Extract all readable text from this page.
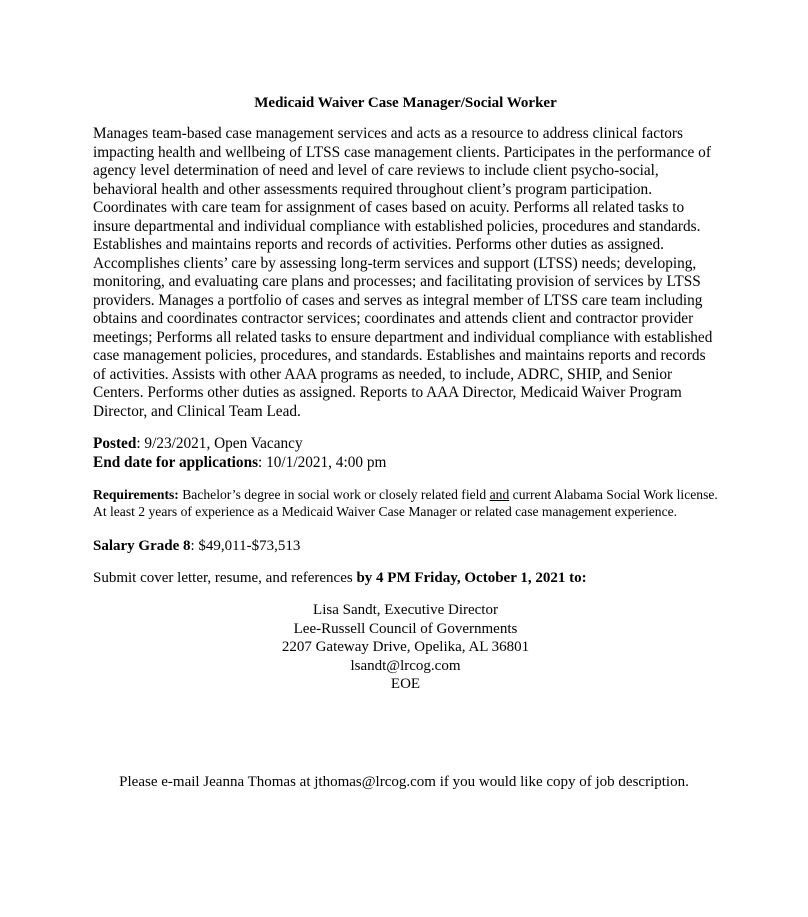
Medicaid Waiver Case Manager/Social Worker

Manages team-based case management services and acts as a resource to address clinical factors impacting health and wellbeing of LTSS case management clients. Participates in the performance of agency level determination of need and level of care reviews to include client psycho-social, behavioral health and other assessments required throughout client’s program participation. Coordinates with care team for assignment of cases based on acuity. Performs all related tasks to insure departmental and individual compliance with established policies, procedures and standards. Establishes and maintains reports and records of activities. Performs other duties as assigned. Accomplishes clients’ care by assessing long-term services and support (LTSS) needs; developing, monitoring, and evaluating care plans and processes; and facilitating provision of services by LTSS providers. Manages a portfolio of cases and serves as integral member of LTSS care team including obtains and coordinates contractor services; coordinates and attends client and contractor provider meetings; Performs all related tasks to ensure department and individual compliance with established case management policies, procedures, and standards. Establishes and maintains reports and records of activities. Assists with other AAA programs as needed, to include, ADRC, SHIP, and Senior Centers. Performs other duties as assigned. Reports to AAA Director, Medicaid Waiver Program Director, and Clinical Team Lead.

Posted: 9/23/2021, Open Vacancy
End date for applications: 10/1/2021, 4:00 pm
Requirements: Bachelor’s degree in social work or closely related field and current Alabama Social Work license. At least 2 years of experience as a Medicaid Waiver Case Manager or related case management experience.
Salary Grade 8: $49,011-$73,513
Submit cover letter, resume, and references by 4 PM Friday, October 1, 2021 to:
Lisa Sandt, Executive Director
Lee-Russell Council of Governments
2207 Gateway Drive, Opelika, AL 36801
lsandt@lrcog.com
EOE
Please e-mail Jeanna Thomas at jthomas@lrcog.com if you would like copy of job description.
